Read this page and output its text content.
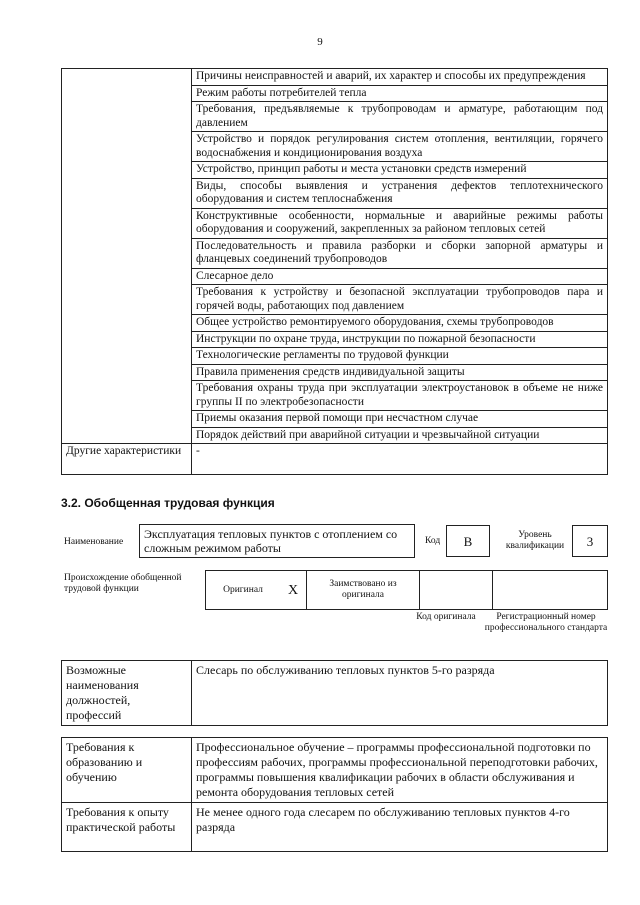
9
	Причины неисправностей и аварий, их характер и способы их предупреждения
	Режим работы потребителей тепла
	Требования, предъявляемые к трубопроводам и арматуре, работающим под давлением
	Устройство и порядок регулирования систем отопления, вентиляции, горячего водоснабжения и кондиционирования воздуха
	Устройство, принцип работы и места установки средств измерений
	Виды, способы выявления и устранения дефектов теплотехнического оборудования и систем теплоснабжения
	Конструктивные особенности, нормальные и аварийные режимы работы оборудования и сооружений, закрепленных за районом тепловых сетей
	Последовательность и правила разборки и сборки запорной арматуры и фланцевых соединений трубопроводов
	Слесарное дело
	Требования к устройству и безопасной эксплуатации трубопроводов пара и горячей воды, работающих под давлением
	Общее устройство ремонтируемого оборудования, схемы трубопроводов
	Инструкции по охране труда, инструкции по пожарной безопасности
	Технологические регламенты по трудовой функции
	Правила применения средств индивидуальной защиты
	Требования охраны труда при эксплуатации электроустановок в объеме не ниже группы II по электробезопасности
	Приемы оказания первой помощи при несчастном случае
	Порядок действий при аварийной ситуации и чрезвычайной ситуации
Другие характеристики	-
3.2. Обобщенная трудовая функция
Наименование
Эксплуатация тепловых пунктов с отоплением со сложным режимом работы	Код	B	Уровень квалификации	3
Происхождение обобщенной трудовой функции	Оригинал	X	Заимствовано из оригинала		
Код оригинала	Регистрационный номер профессионального стандарта
Возможные наименования должностей, профессий	Слесарь по обслуживанию тепловых пунктов 5-го разряда
Требования к образованию и обучению	Профессиональное обучение – программы профессиональной подготовки по профессиям рабочих, программы профессиональной переподготовки рабочих, программы повышения квалификации рабочих в области обслуживания и ремонта оборудования тепловых сетей
Требования к опыту практической работы	Не менее одного года слесарем по обслуживанию тепловых пунктов 4-го разряда
